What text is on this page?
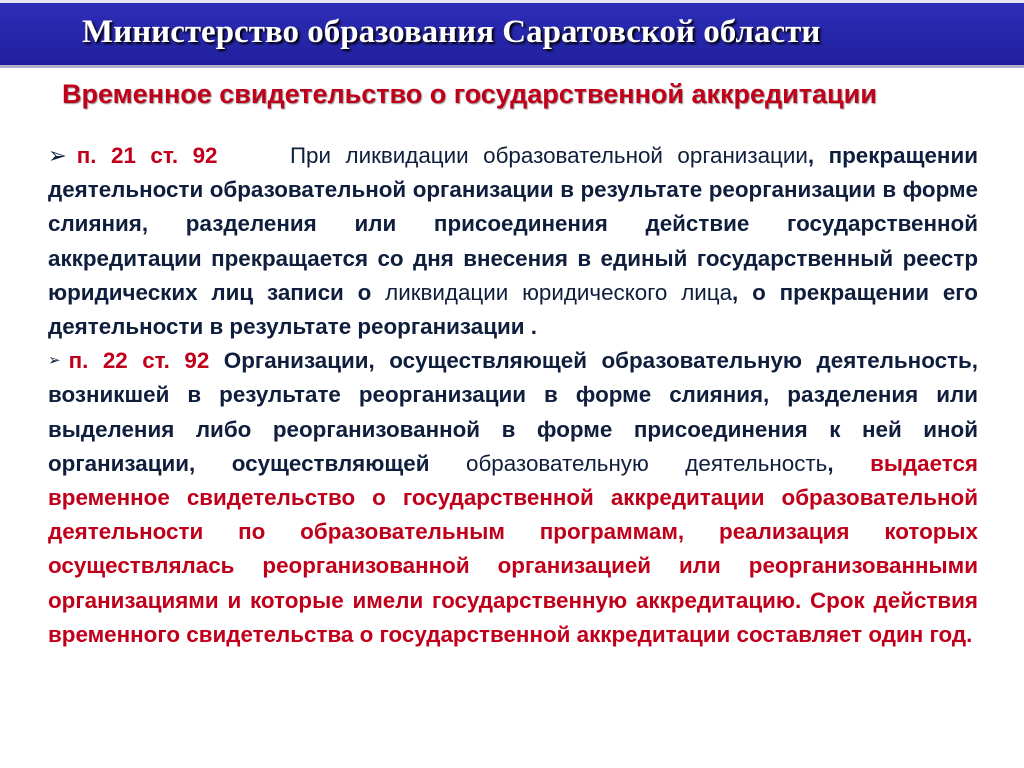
Министерство образования Саратовской области
Временное свидетельство о государственной аккредитации

➢ п. 21 ст. 92	При ликвидации образовательной организации, прекращении деятельности образовательной организации в результате реорганизации в форме слияния, разделения или присоединения действие государственной аккредитации прекращается со дня внесения в единый государственный реестр юридических лиц записи о ликвидации юридического лица, о прекращении его деятельности в результате реорганизации .

➢ п. 22 ст. 92 Организации, осуществляющей образовательную деятельность, возникшей в результате реорганизации в форме слияния, разделения или выделения либо реорганизованной в форме присоединения к ней иной организации, осуществляющей образовательную деятельность, выдается временное свидетельство о государственной аккредитации образовательной деятельности по образовательным программам, реализация которых осуществлялась реорганизованной организацией или реорганизованными организациями и которые имели государственную аккредитацию. Срок действия временного свидетельства о государственной аккредитации составляет один год.
